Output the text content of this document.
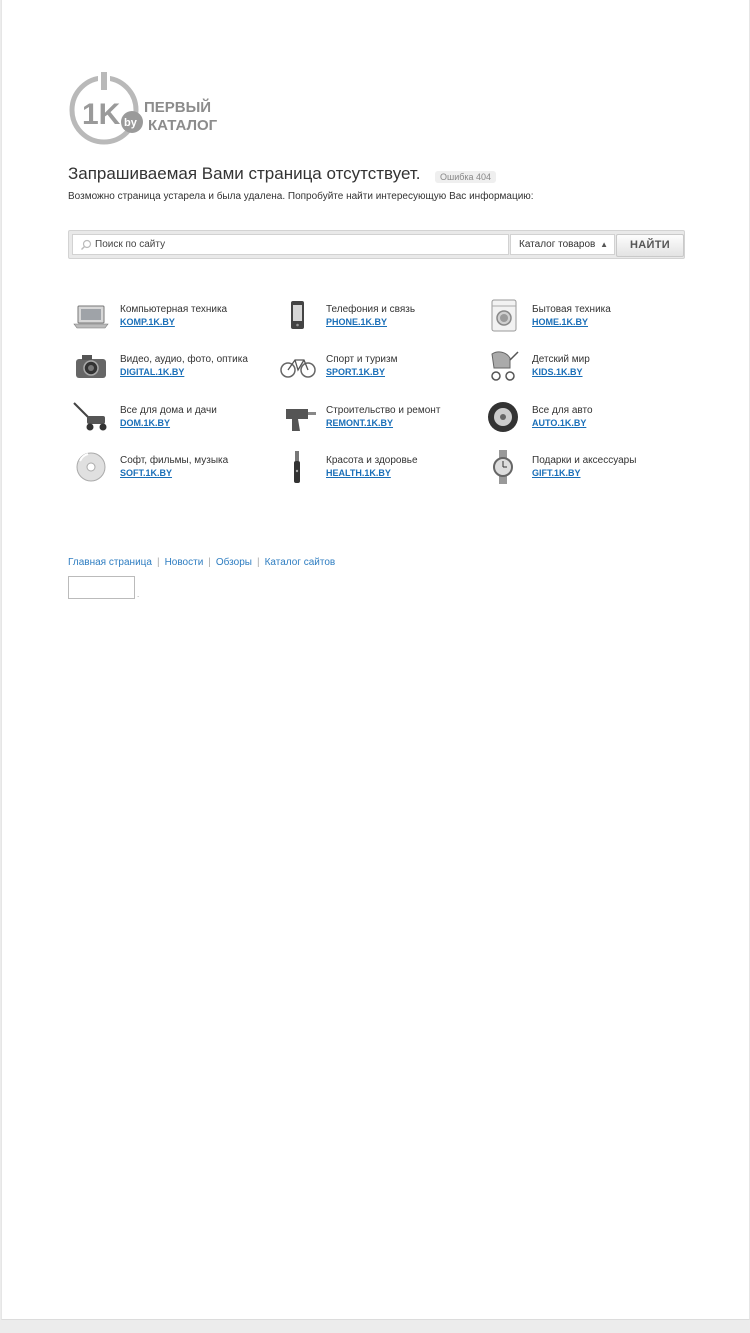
1K by
ПЕРВЫЙ
КАТАЛОГ
Запрашиваемая Вами страница отсутствует.	Ошибка 404
Возможно страница устарела и была удалена. Попробуйте найти интересующую Вас информацию:
Поиск по сайту	Каталог товаров ▲	НАЙТИ
Компьютерная техника
KOMP.1K.BY
Телефония и связь
PHONE.1K.BY
Бытовая техника
HOME.1K.BY
Видео, аудио, фото, оптика
DIGITAL.1K.BY
Спорт и туризм
SPORT.1K.BY
Детский мир
KIDS.1K.BY
Все для дома и дачи
DOM.1K.BY
Строительство и ремонт
REMONT.1K.BY
Все для авто
AUTO.1K.BY
Софт, фильмы, музыка
SOFT.1K.BY
Красота и здоровье
HEALTH.1K.BY
Подарки и аксессуары
GIFT.1K.BY
Главная страница | Новости | Обзоры | Каталог сайтов
.
